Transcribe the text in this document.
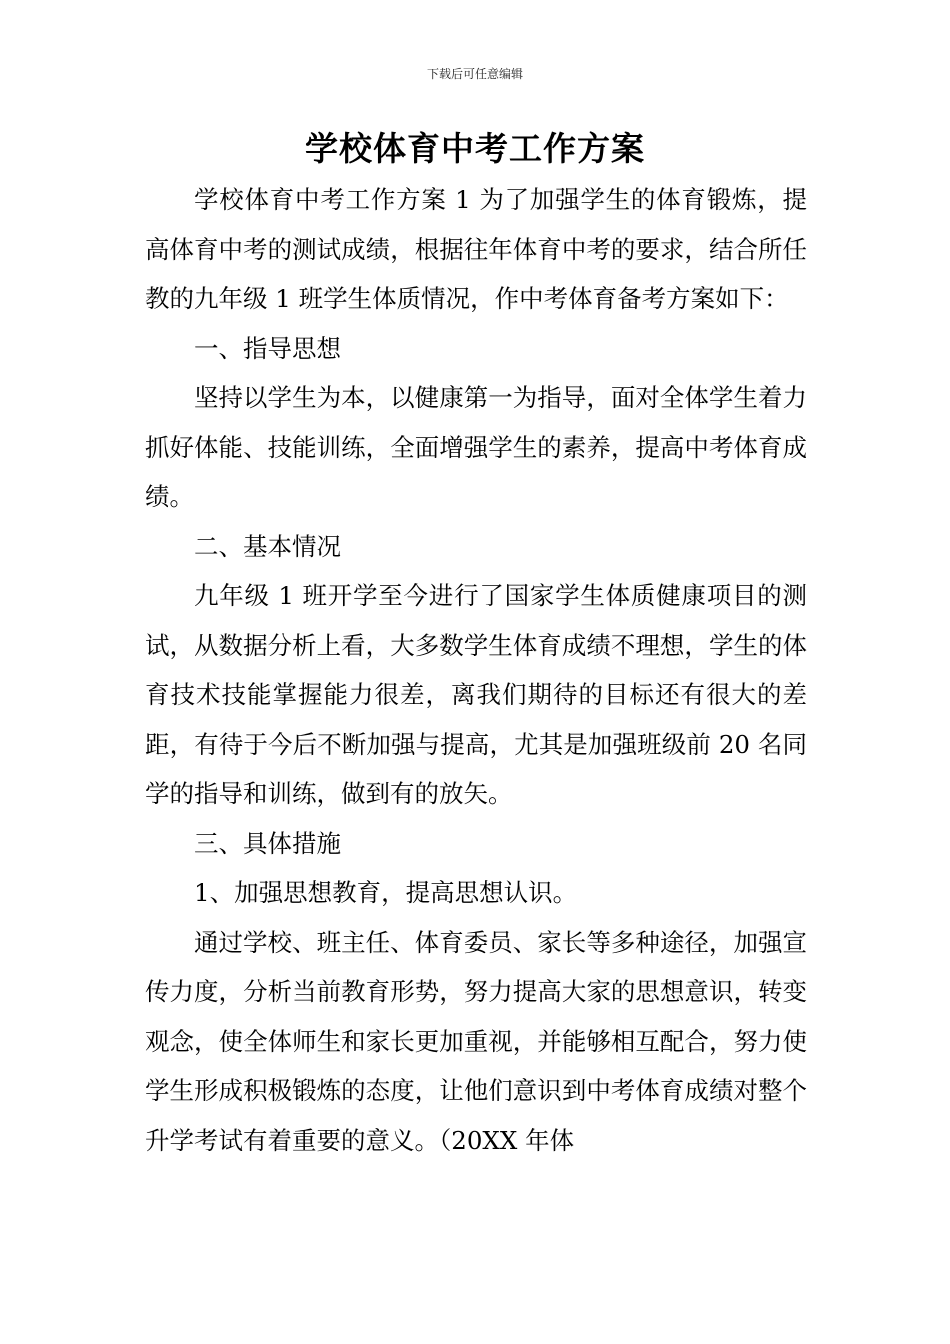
下载后可任意编辑
学校体育中考工作方案

学校体育中考工作方案 1 为了加强学生的体育锻炼，提高体育中考的测试成绩，根据往年体育中考的要求，结合所任教的九年级 1 班学生体质情况，作中考体育备考方案如下：

一、指导思想

坚持以学生为本，以健康第一为指导，面对全体学生着力抓好体能、技能训练，全面增强学生的素养，提高中考体育成绩。

二、基本情况

九年级 1 班开学至今进行了国家学生体质健康项目的测试，从数据分析上看，大多数学生体育成绩不理想，学生的体育技术技能掌握能力很差，离我们期待的目标还有很大的差距，有待于今后不断加强与提高，尤其是加强班级前 20 名同学的指导和训练，做到有的放矢。

三、具体措施

1、加强思想教育，提高思想认识。

通过学校、班主任、体育委员、家长等多种途径，加强宣传力度，分析当前教育形势，努力提高大家的思想意识，转变观念，使全体师生和家长更加重视，并能够相互配合，努力使学生形成积极锻炼的态度，让他们意识到中考体育成绩对整个升学考试有着重要的意义。（20XX 年体
